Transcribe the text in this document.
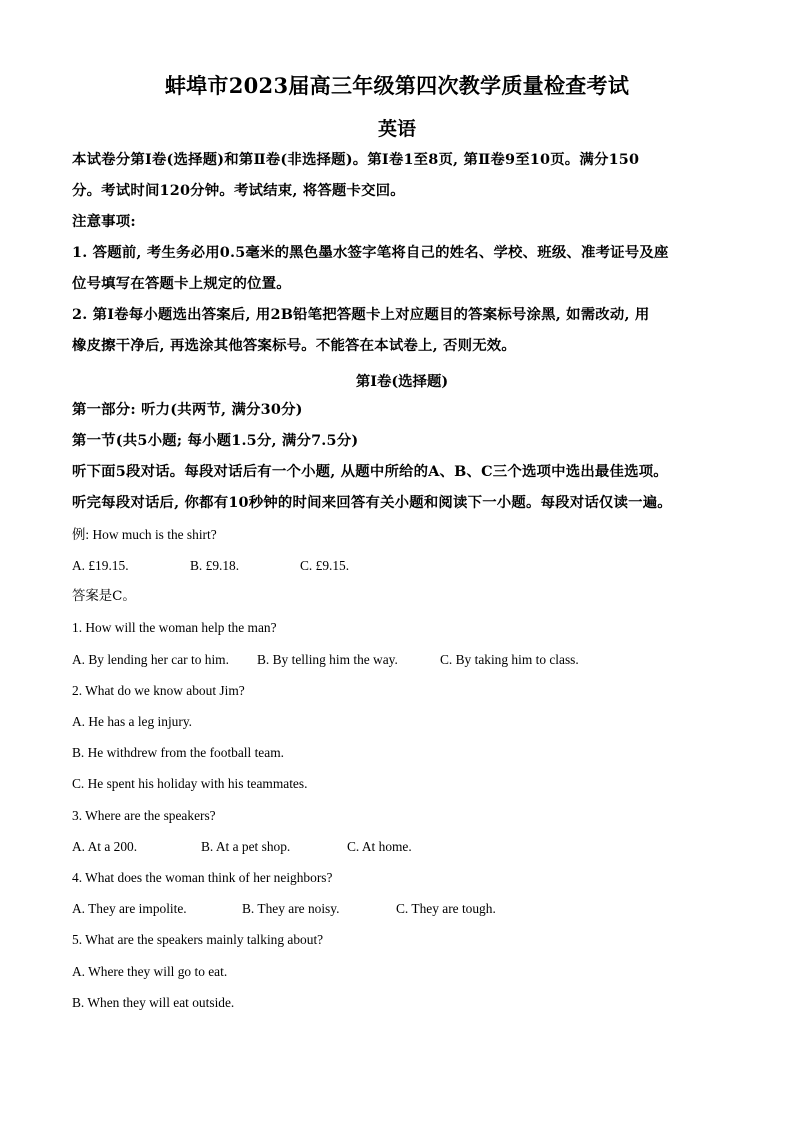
蚌埠市2023届高三年级第四次教学质量检查考试
英语
本试卷分第Ⅰ卷(选择题)和第Ⅱ卷(非选择题)。第Ⅰ卷1至8页, 第Ⅱ卷9至10页。满分150
分。考试时间120分钟。考试结束, 将答题卡交回。
注意事项:
1. 答题前, 考生务必用0.5毫米的黑色墨水签字笔将自己的姓名、学校、班级、准考证号及座
位号填写在答题卡上规定的位置。
2. 第Ⅰ卷每小题选出答案后, 用2B铅笔把答题卡上对应题目的答案标号涂黑, 如需改动, 用
橡皮擦干净后, 再选涂其他答案标号。不能答在本试卷上, 否则无效。
第Ⅰ卷(选择题)
第一部分: 听力(共两节, 满分30分)
第一节(共5小题; 每小题1.5分, 满分7.5分)
听下面5段对话。每段对话后有一个小题, 从题中所给的A、B、C三个选项中选出最佳选项。
听完每段对话后, 你都有10秒钟的时间来回答有关小题和阅读下一小题。每段对话仅读一遍。
例: How much is the shirt?
A. £19.15.	B. £9.18.	C. £9.15.
答案是C。
1. How will the woman help the man?
A. By lending her car to him.	B. By telling him the way.	C. By taking him to class.
2. What do we know about Jim?
A. He has a leg injury.
B. He withdrew from the football team.
C. He spent his holiday with his teammates.
3. Where are the speakers?
A. At a 200.	B. At a pet shop.	C. At home.
4. What does the woman think of her neighbors?
A. They are impolite.	B. They are noisy.	C. They are tough.
5. What are the speakers mainly talking about?
A. Where they will go to eat.
B. When they will eat outside.
